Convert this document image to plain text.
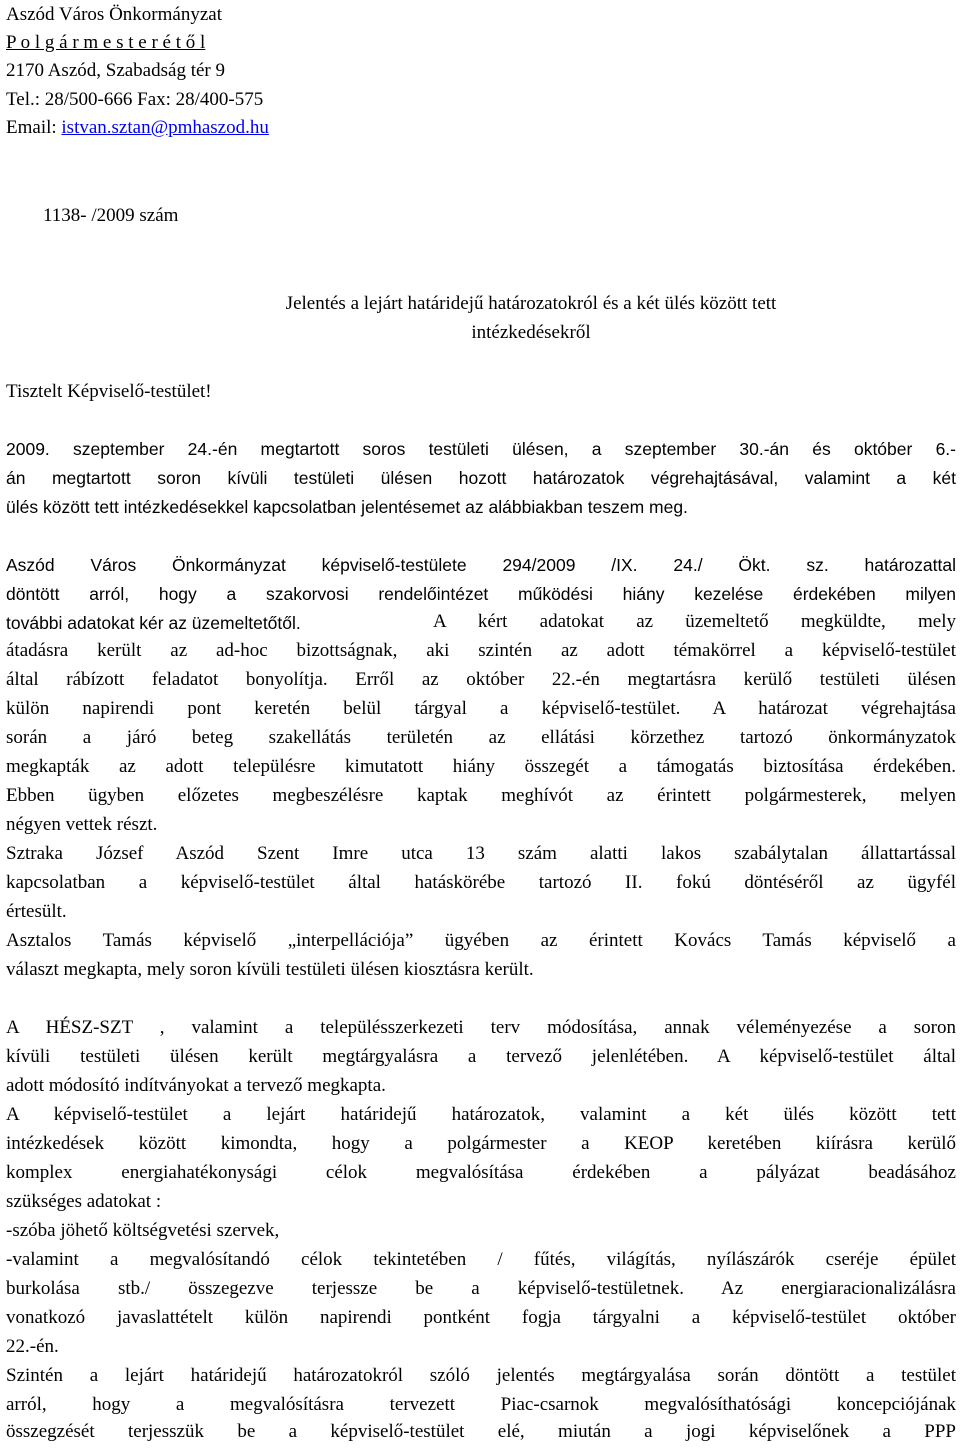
Aszód Város Önkormányzat
P o l g á r m e s t e r é t ő l
2170 Aszód, Szabadság tér 9
Tel.: 28/500-666 Fax: 28/400-575
Email: istvan.sztan@pmhaszod.hu
1138- /2009 szám
Jelentés a lejárt határidejű határozatokról és a két ülés között tett
intézkedésekről
Tisztelt Képviselő-testület!
2009. szeptember 24.-én megtartott soros testületi ülésen, a szeptember 30.-án és október 6.-
án megtartott soron kívüli testületi ülésen hozott határozatok végrehajtásával, valamint a két
ülés között tett intézkedésekkel kapcsolatban jelentésemet az alábbiakban teszem meg.
Aszód Város Önkormányzat képviselő-testülete 294/2009 /IX. 24./ Ökt. sz. határozattal
döntött arról, hogy a szakorvosi rendelőintézet működési hiány kezelése érdekében milyen
további adatokat kér az üzemeltetőtől.	A kért adatokat az üzemeltető megküldte, mely
átadásra került az ad-hoc bizottságnak, aki szintén az adott témakörrel a képviselő-testület
által rábízott feladatot bonyolítja. Erről az október 22.-én megtartásra kerülő testületi ülésen
külön napirendi pont keretén belül tárgyal a képviselő-testület. A határozat végrehajtása
során a járó beteg szakellátás területén az ellátási körzethez tartozó önkormányzatok
megkapták az adott településre kimutatott hiány összegét a támogatás biztosítása érdekében.
Ebben ügyben előzetes megbeszélésre kaptak meghívót az érintett polgármesterek, melyen
négyen vettek részt.
Sztraka József Aszód Szent Imre utca 13 szám alatti lakos szabálytalan állattartással
kapcsolatban a képviselő-testület által hatáskörébe tartozó II. fokú döntéséről az ügyfél
értesült.
Asztalos Tamás képviselő „interpellációja” ügyében az érintett Kovács Tamás képviselő a
választ megkapta, mely soron kívüli testületi ülésen kiosztásra került.
A HÉSZ-SZT , valamint a településszerkezeti terv módosítása, annak véleményezése a soron
kívüli testületi ülésen került megtárgyalásra a tervező jelenlétében. A képviselő-testület által
adott módosító indítványokat a tervező megkapta.
A képviselő-testület a lejárt határidejű határozatok, valamint a két ülés között tett
intézkedések között kimondta, hogy a polgármester a KEOP keretében kiírásra kerülő
komplex energiahatékonysági célok megvalósítása érdekében a pályázat beadásához
szükséges adatokat :
-szóba jöhető költségvetési szervek,
-valamint a megvalósítandó célok tekintetében / fűtés, világítás, nyílászárók cseréje épület
burkolása stb./ összegezve terjessze be a képviselő-testületnek. Az energiaracionalizálásra
vonatkozó javaslattételt külön napirendi pontként fogja tárgyalni a képviselő-testület október
22.-én.
Szintén a lejárt határidejű határozatokról szóló jelentés megtárgyalása során döntött a testület
arról, hogy a megvalósításra tervezett Piac-csarnok megvalósíthatósági koncepciójának
összegzését terjesszük be a képviselő-testület elé, miután a jogi képviselőnek a PPP
